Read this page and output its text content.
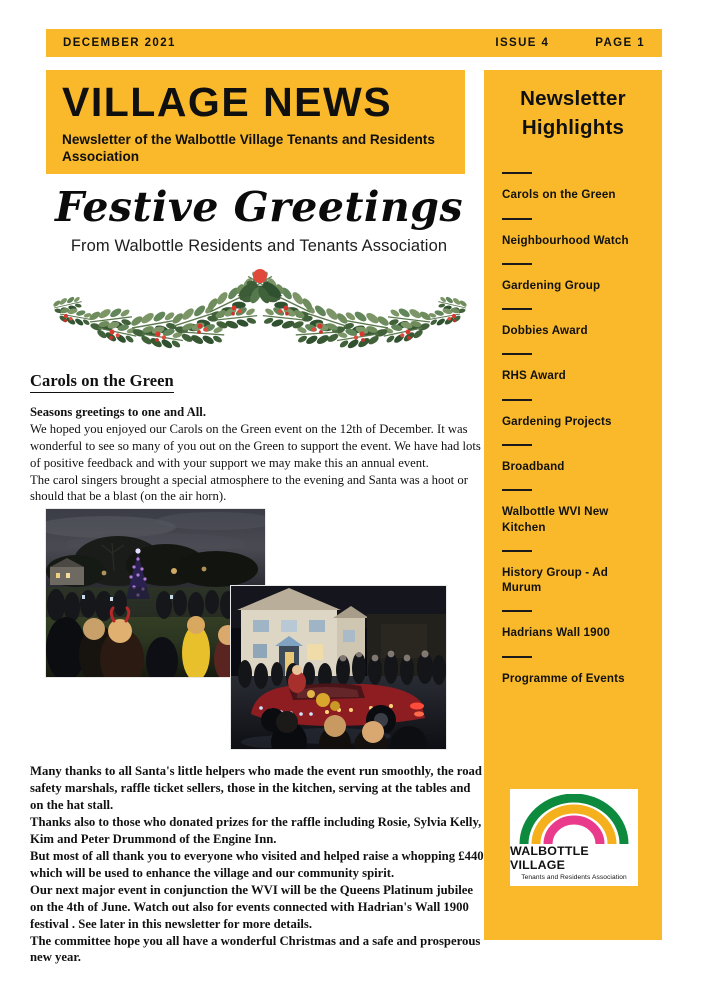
DECEMBER 2021	ISSUE 4	PAGE 1
VILLAGE NEWS
Newsletter of the Walbottle Village Tenants and Residents Association
Festive Greetings
From Walbottle Residents and Tenants Association
Carols on the Green

Seasons greetings to one and All.

We hoped you enjoyed our Carols on the Green event on the 12th of December. It was wonderful to see so many of you out on the Green to support the event. We have had lots of positive feedback and with your support we may make this an annual event.

The carol singers brought a special atmosphere to the evening and Santa was a hoot or should that be a blast (on the air horn).

Many thanks to all Santa's little helpers who made the event run smoothly, the road safety marshals, raffle ticket sellers, those in the kitchen, serving at the tables and on the hat stall.

Thanks also to those who donated prizes for the raffle including Rosie, Sylvia Kelly, Kim and Peter Drummond of the Engine Inn.

But most of all thank you to everyone who visited and helped raise a whopping £440 which will be used to enhance the village and our community spirit.

Our next major event in conjunction the WVI will be the Queens Platinum jubilee on the 4th of June. Watch out also for events connected with Hadrian's Wall 1900 festival . See later in this newsletter for more details.

The committee hope you all have a wonderful Christmas and a safe and prosperous new year.

Newsletter Highlights
Carols on the Green
Neighbourhood Watch
Gardening Group
Dobbies Award
RHS Award
Gardening Projects
Broadband
Walbottle WVI New Kitchen
History Group - Ad Murum
Hadrians Wall 1900
Programme of Events
WALBOTTLE VILLAGE
Tenants and Residents Association
